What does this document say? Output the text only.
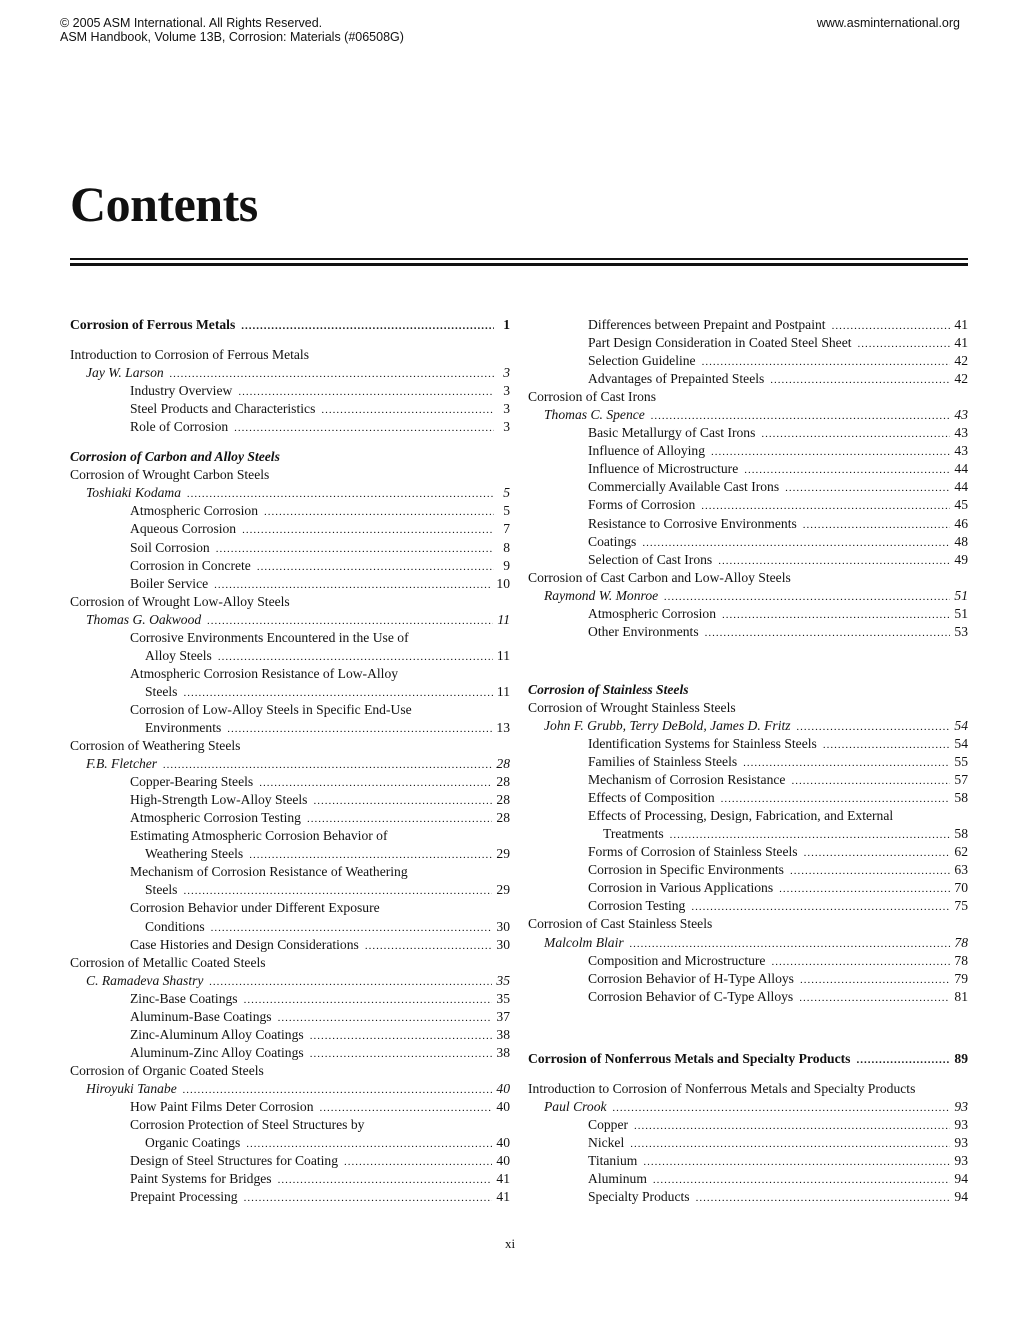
© 2005 ASM International. All Rights Reserved.
ASM Handbook, Volume 13B, Corrosion: Materials (#06508G)
www.asminternational.org
Contents
Corrosion of Ferrous Metals .....	1
Introduction to Corrosion of Ferrous Metals
Jay W. Larson .....	3
Industry Overview .....	3
Steel Products and Characteristics .....	3
Role of Corrosion .....	3
Corrosion of Carbon and Alloy Steels
Corrosion of Wrought Carbon Steels
Toshiaki Kodama .....	5
Atmospheric Corrosion .....	5
Aqueous Corrosion .....	7
Soil Corrosion .....	8
Corrosion in Concrete .....	9
Boiler Service .....	10
Corrosion of Wrought Low-Alloy Steels
Thomas G. Oakwood .....	11
Corrosive Environments Encountered in the Use of
Alloy Steels .....	11
Atmospheric Corrosion Resistance of Low-Alloy
Steels .....	11
Corrosion of Low-Alloy Steels in Specific End-Use
Environments .....	13
Corrosion of Weathering Steels
F.B. Fletcher .....	28
Copper-Bearing Steels .....	28
High-Strength Low-Alloy Steels .....	28
Atmospheric Corrosion Testing .....	28
Estimating Atmospheric Corrosion Behavior of
Weathering Steels .....	29
Mechanism of Corrosion Resistance of Weathering
Steels .....	29
Corrosion Behavior under Different Exposure
Conditions .....	30
Case Histories and Design Considerations .....	30
Corrosion of Metallic Coated Steels
C. Ramadeva Shastry .....	35
Zinc-Base Coatings .....	35
Aluminum-Base Coatings .....	37
Zinc-Aluminum Alloy Coatings .....	38
Aluminum-Zinc Alloy Coatings .....	38
Corrosion of Organic Coated Steels
Hiroyuki Tanabe .....	40
How Paint Films Deter Corrosion .....	40
Corrosion Protection of Steel Structures by
Organic Coatings .....	40
Design of Steel Structures for Coating .....	40
Paint Systems for Bridges .....	41
Prepaint Processing .....	41
Differences between Prepaint and Postpaint .....	41
Part Design Consideration in Coated Steel Sheet .....	41
Selection Guideline .....	42
Advantages of Prepainted Steels .....	42
Corrosion of Cast Irons
Thomas C. Spence .....	43
Basic Metallurgy of Cast Irons .....	43
Influence of Alloying .....	43
Influence of Microstructure .....	44
Commercially Available Cast Irons .....	44
Forms of Corrosion .....	45
Resistance to Corrosive Environments .....	46
Coatings .....	48
Selection of Cast Irons .....	49
Corrosion of Cast Carbon and Low-Alloy Steels
Raymond W. Monroe .....	51
Atmospheric Corrosion .....	51
Other Environments .....	53
Corrosion of Stainless Steels
Corrosion of Wrought Stainless Steels
John F. Grubb, Terry DeBold, James D. Fritz .....	54
Identification Systems for Stainless Steels .....	54
Families of Stainless Steels .....	55
Mechanism of Corrosion Resistance .....	57
Effects of Composition .....	58
Effects of Processing, Design, Fabrication, and External
Treatments .....	58
Forms of Corrosion of Stainless Steels .....	62
Corrosion in Specific Environments .....	63
Corrosion in Various Applications .....	70
Corrosion Testing .....	75
Corrosion of Cast Stainless Steels
Malcolm Blair .....	78
Composition and Microstructure .....	78
Corrosion Behavior of H-Type Alloys .....	79
Corrosion Behavior of C-Type Alloys .....	81
Corrosion of Nonferrous Metals and Specialty Products .....	89
Introduction to Corrosion of Nonferrous Metals and Specialty Products
Paul Crook .....	93
Copper .....	93
Nickel .....	93
Titanium .....	93
Aluminum .....	94
Specialty Products .....	94
xi
